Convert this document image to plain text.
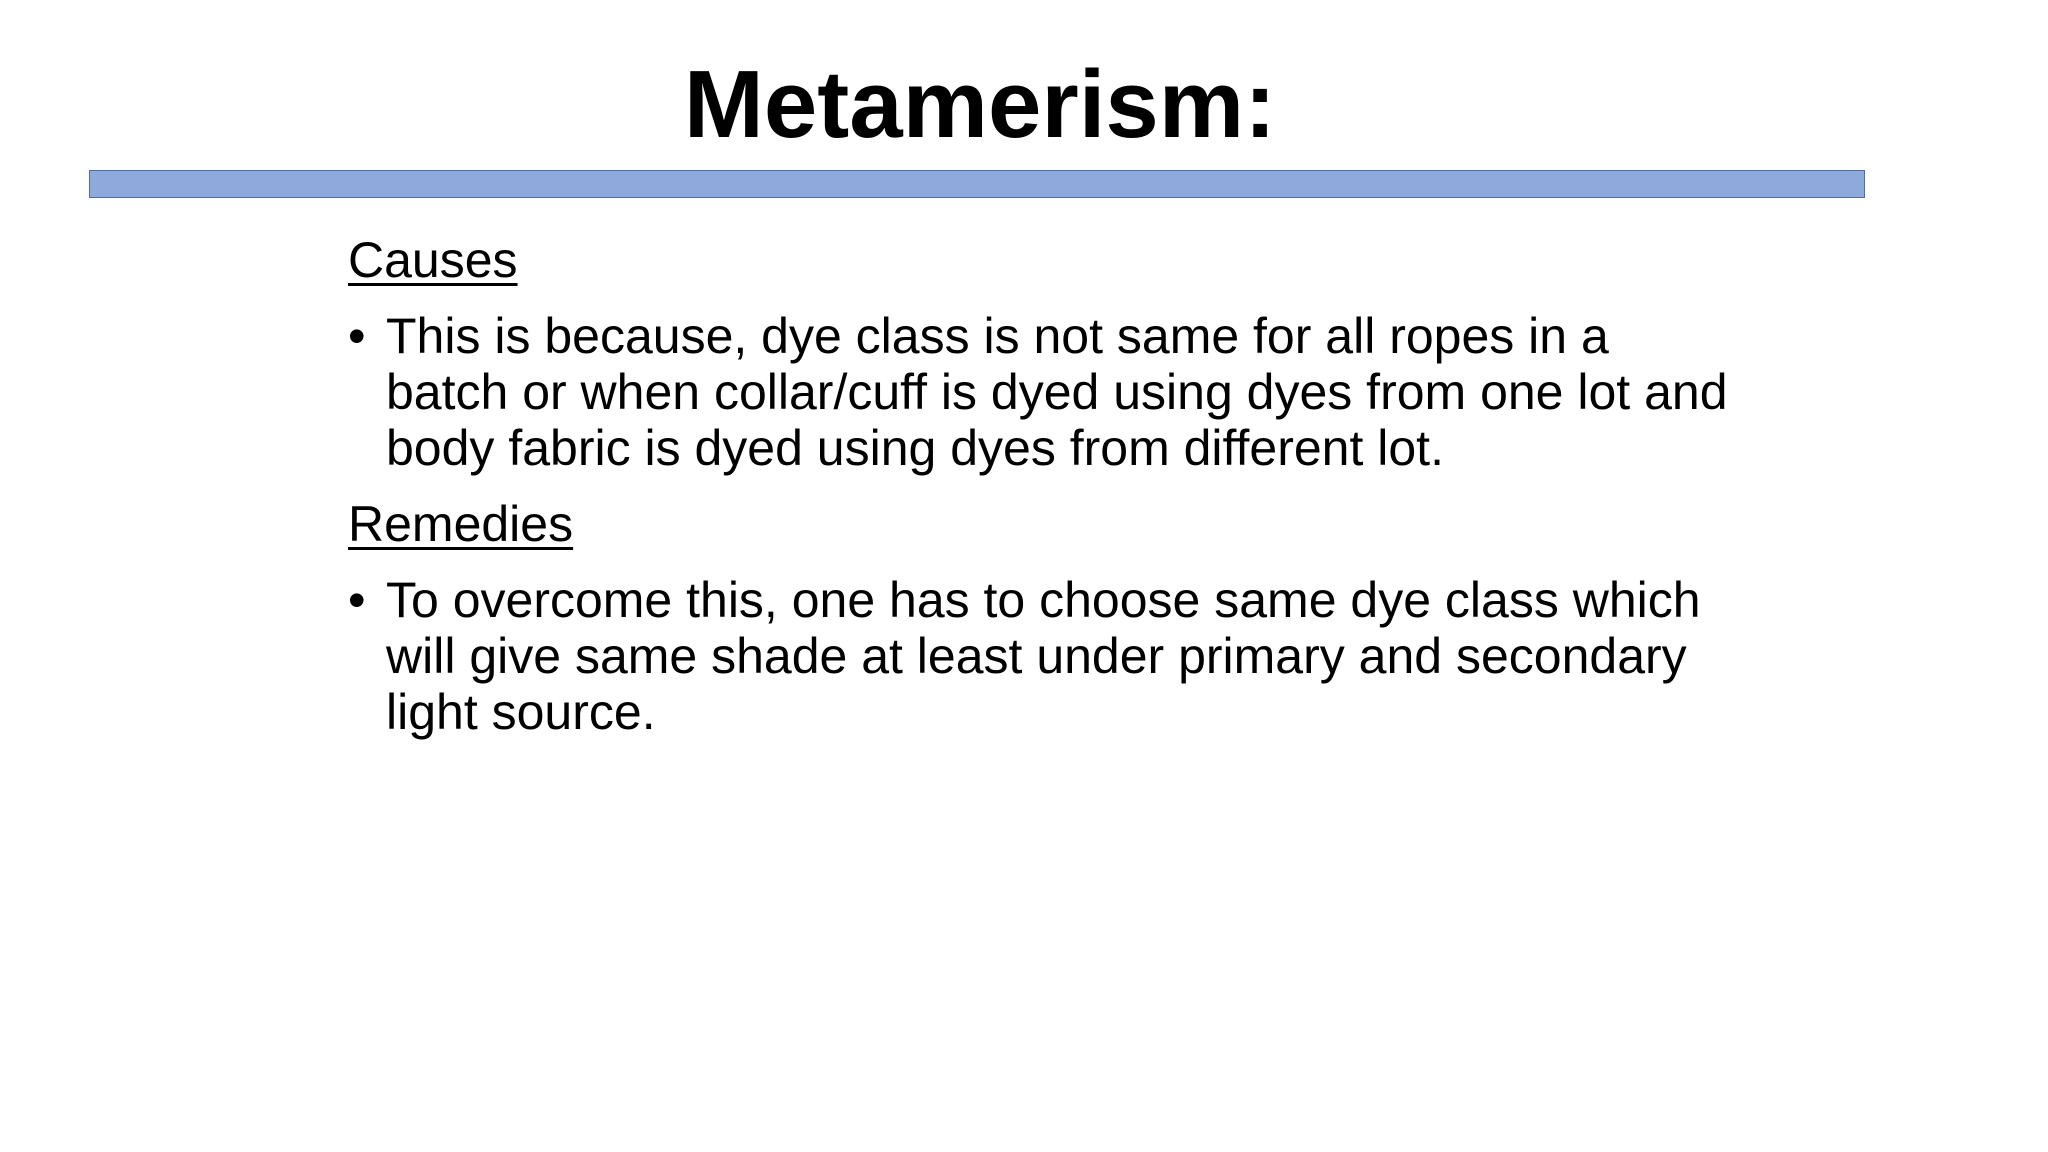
Metamerism:

Causes

• This is because, dye class is not same for all ropes in a batch or when collar/cuff is dyed using dyes from one lot and body fabric is dyed using dyes from different lot.

Remedies

• To overcome this, one has to choose same dye class which will give same shade at least under primary and secondary light source.
